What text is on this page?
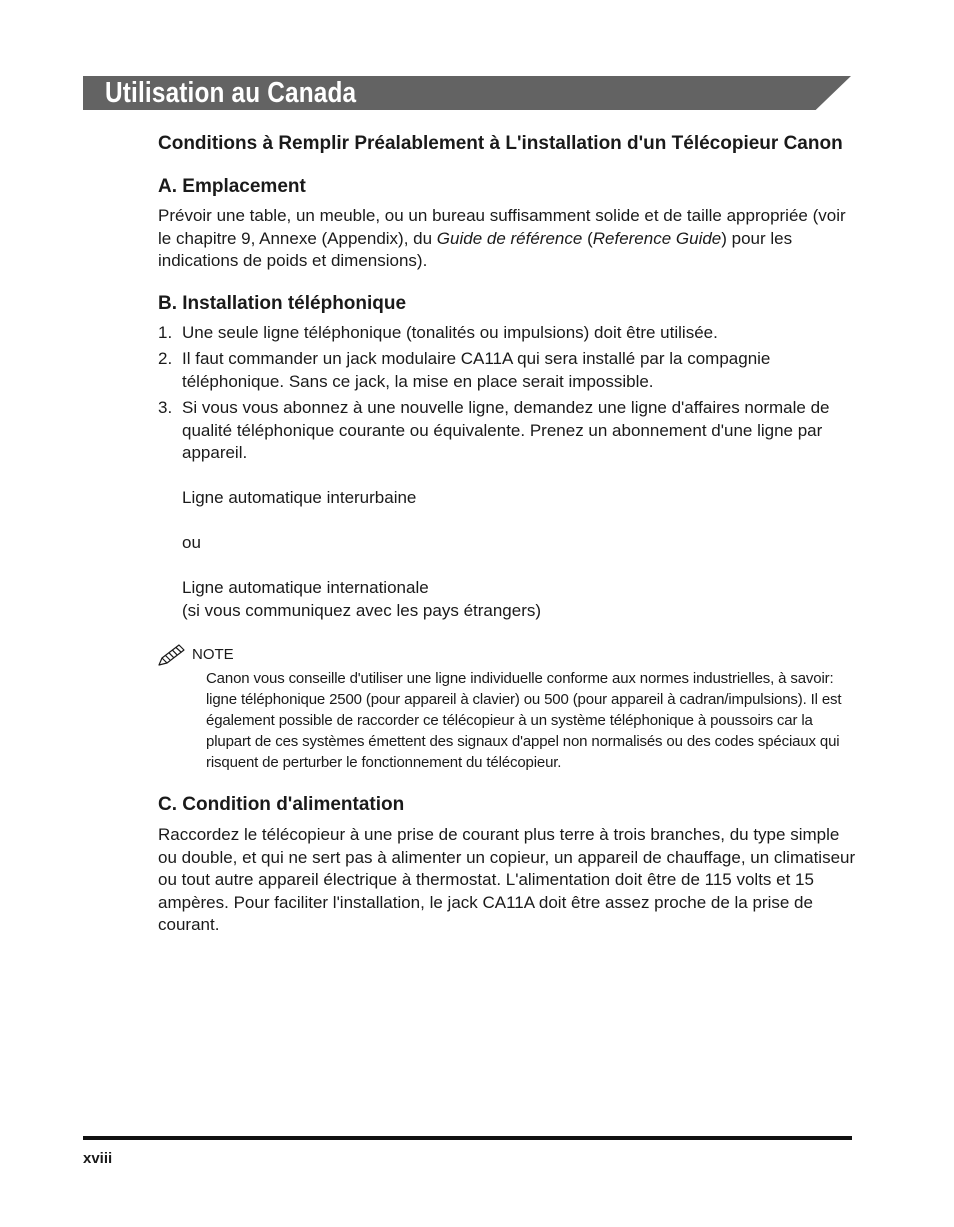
Utilisation au Canada
Conditions à Remplir Préalablement à L'installation d'un Télécopieur Canon
A. Emplacement

Prévoir une table, un meuble, ou un bureau suffisamment solide et de taille appropriée (voir le chapitre 9, Annexe (Appendix), du Guide de référence (Reference Guide) pour les indications de poids et dimensions).

B. Installation téléphonique
1. Une seule ligne téléphonique (tonalités ou impulsions) doit être utilisée.
2. Il faut commander un jack modulaire CA11A qui sera installé par la compagnie téléphonique. Sans ce jack, la mise en place serait impossible.
3. Si vous vous abonnez à une nouvelle ligne, demandez une ligne d'affaires normale de qualité téléphonique courante ou équivalente. Prenez un abonnement d'une ligne par appareil.
Ligne automatique interurbaine
ou
Ligne automatique internationale
(si vous communiquez avec les pays étrangers)
NOTE

Canon vous conseille d'utiliser une ligne individuelle conforme aux normes industrielles, à savoir: ligne téléphonique 2500 (pour appareil à clavier) ou 500 (pour appareil à cadran/impulsions). Il est également possible de raccorder ce télécopieur à un système téléphonique à poussoirs car la plupart de ces systèmes émettent des signaux d'appel non normalisés ou des codes spéciaux qui risquent de perturber le fonctionnement du télécopieur.

C. Condition d'alimentation

Raccordez le télécopieur à une prise de courant plus terre à trois branches, du type simple ou double, et qui ne sert pas à alimenter un copieur, un appareil de chauffage, un climatiseur ou tout autre appareil électrique à thermostat. L'alimentation doit être de 115 volts et 15 ampères. Pour faciliter l'installation, le jack CA11A doit être assez proche de la prise de courant.

xviii
